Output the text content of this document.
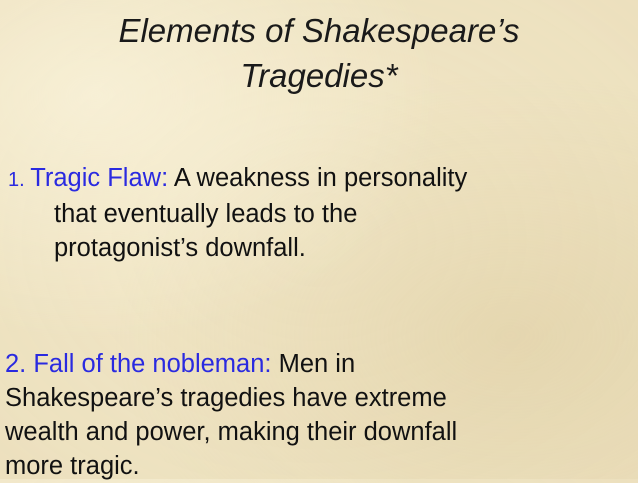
Elements of Shakespeare’s
Tragedies*
1. Tragic Flaw: A weakness in personality
that eventually leads to the
protagonist’s downfall.
2. Fall of the nobleman: Men in
Shakespeare’s tragedies have extreme
wealth and power, making their downfall
more tragic.
